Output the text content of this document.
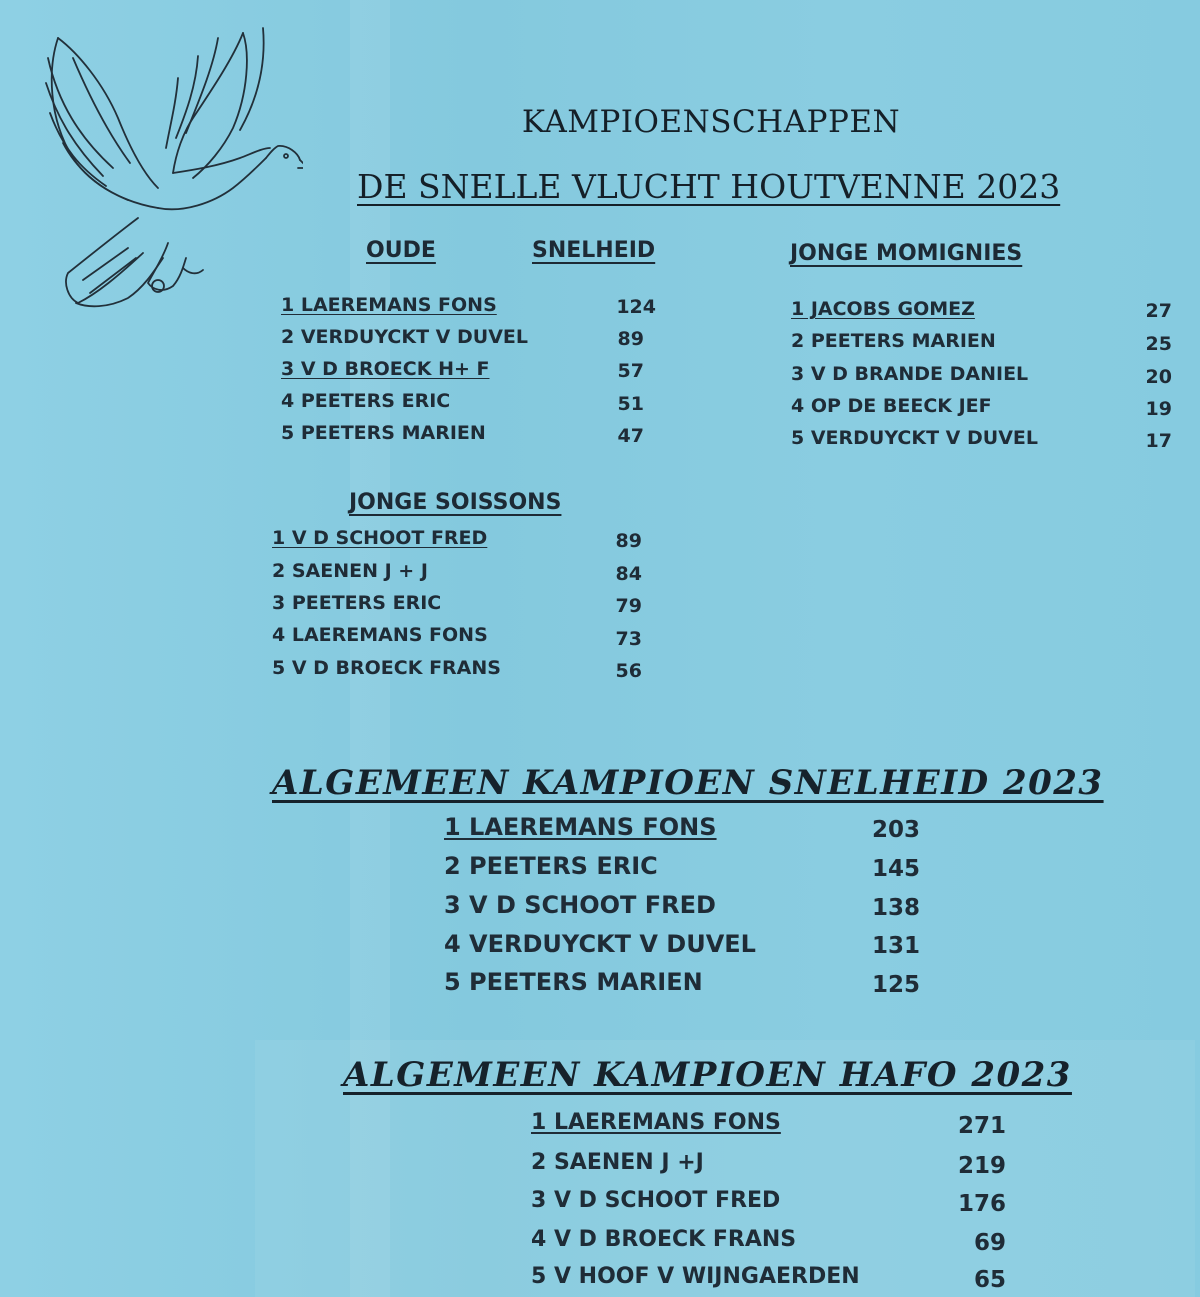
KAMPIOENSCHAPPEN
DE SNELLE VLUCHT HOUTVENNE 2023
OUDE	SNELHEID
1 LAEREMANS FONS	124
2 VERDUYCKT V DUVEL	89
3 V D BROECK H+ F	57
4 PEETERS ERIC	51
5 PEETERS MARIEN	47
JONGE MOMIGNIES
1 JACOBS GOMEZ	27
2 PEETERS MARIEN	25
3 V D BRANDE DANIEL	20
4 OP DE BEECK JEF	19
5 VERDUYCKT V DUVEL	17
JONGE SOISSONS
1 V D SCHOOT FRED	89
2 SAENEN J + J	84
3 PEETERS ERIC	79
4 LAEREMANS FONS	73
5 V D BROECK FRANS	56
ALGEMEEN KAMPIOEN SNELHEID 2023
1 LAEREMANS FONS	203
2 PEETERS ERIC	145
3 V D SCHOOT FRED	138
4 VERDUYCKT V DUVEL	131
5 PEETERS MARIEN	125
ALGEMEEN KAMPIOEN HAFO 2023
1 LAEREMANS FONS	271
2 SAENEN J +J	219
3 V D SCHOOT FRED	176
4 V D BROECK FRANS	69
5 V HOOF V WIJNGAERDEN	65
